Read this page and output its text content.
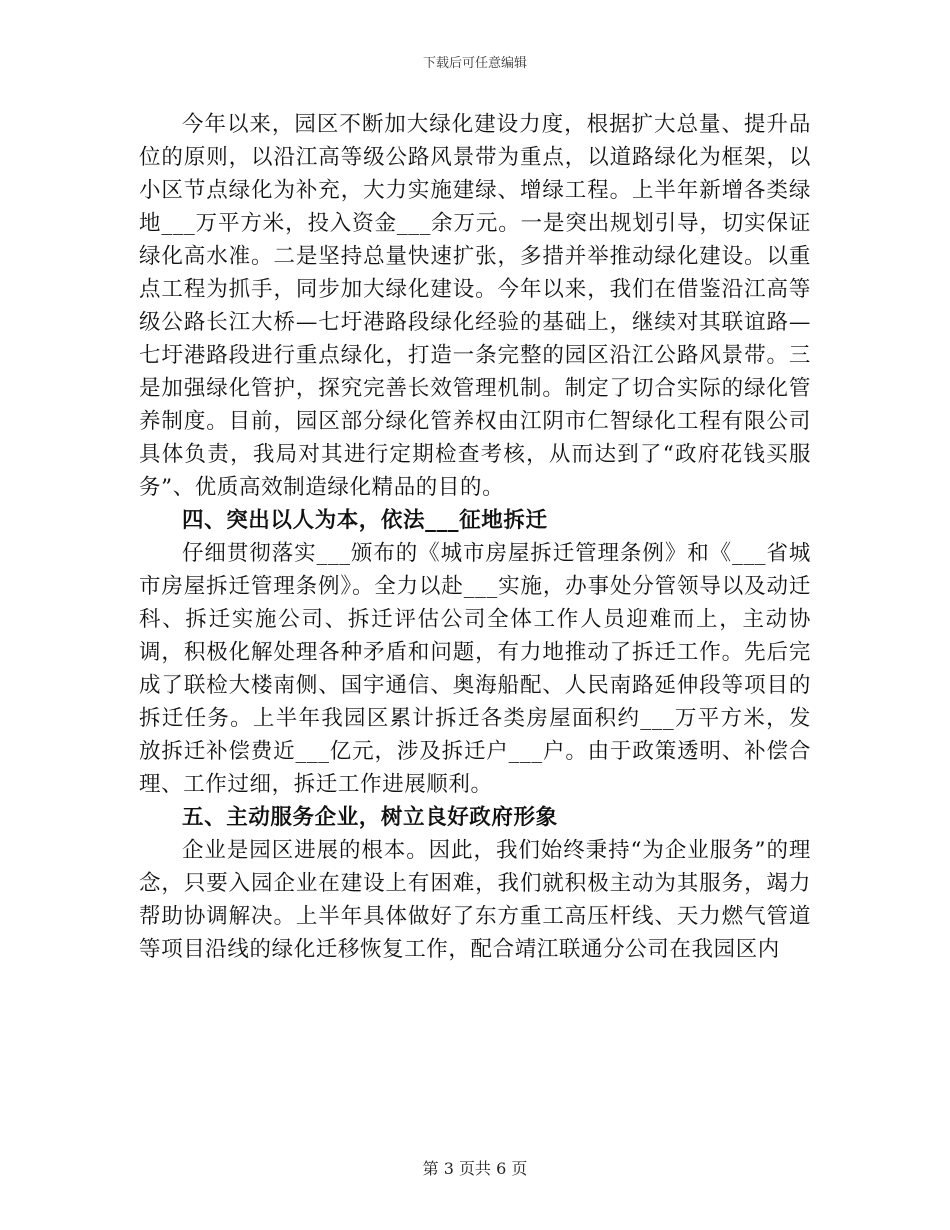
下载后可任意编辑

今年以来，园区不断加大绿化建设力度，根据扩大总量、提升品位的原则，以沿江高等级公路风景带为重点，以道路绿化为框架，以小区节点绿化为补充，大力实施建绿、增绿工程。上半年新增各类绿地___万平方米，投入资金___余万元。一是突出规划引导，切实保证绿化高水准。二是坚持总量快速扩张，多措并举推动绿化建设。以重点工程为抓手，同步加大绿化建设。今年以来，我们在借鉴沿江高等级公路长江大桥—七圩港路段绿化经验的基础上，继续对其联谊路—七圩港路段进行重点绿化，打造一条完整的园区沿江公路风景带。三是加强绿化管护，探究完善长效管理机制。制定了切合实际的绿化管养制度。目前，园区部分绿化管养权由江阴市仁智绿化工程有限公司具体负责，我局对其进行定期检查考核，从而达到了“政府花钱买服务”、优质高效制造绿化精品的目的。

四、突出以人为本，依法___征地拆迁

仔细贯彻落实___颁布的《城市房屋拆迁管理条例》和《___省城市房屋拆迁管理条例》。全力以赴___实施，办事处分管领导以及动迁科、拆迁实施公司、拆迁评估公司全体工作人员迎难而上，主动协调，积极化解处理各种矛盾和问题，有力地推动了拆迁工作。先后完成了联检大楼南侧、国宇通信、奥海船配、人民南路延伸段等项目的拆迁任务。上半年我园区累计拆迁各类房屋面积约___万平方米，发放拆迁补偿费近___亿元，涉及拆迁户___户。由于政策透明、补偿合理、工作过细，拆迁工作进展顺利。

五、主动服务企业，树立良好政府形象

企业是园区进展的根本。因此，我们始终秉持“为企业服务”的理念，只要入园企业在建设上有困难，我们就积极主动为其服务，竭力帮助协调解决。上半年具体做好了东方重工高压杆线、天力燃气管道等项目沿线的绿化迁移恢复工作，配合靖江联通分公司在我园区内

第 3 页共 6 页
